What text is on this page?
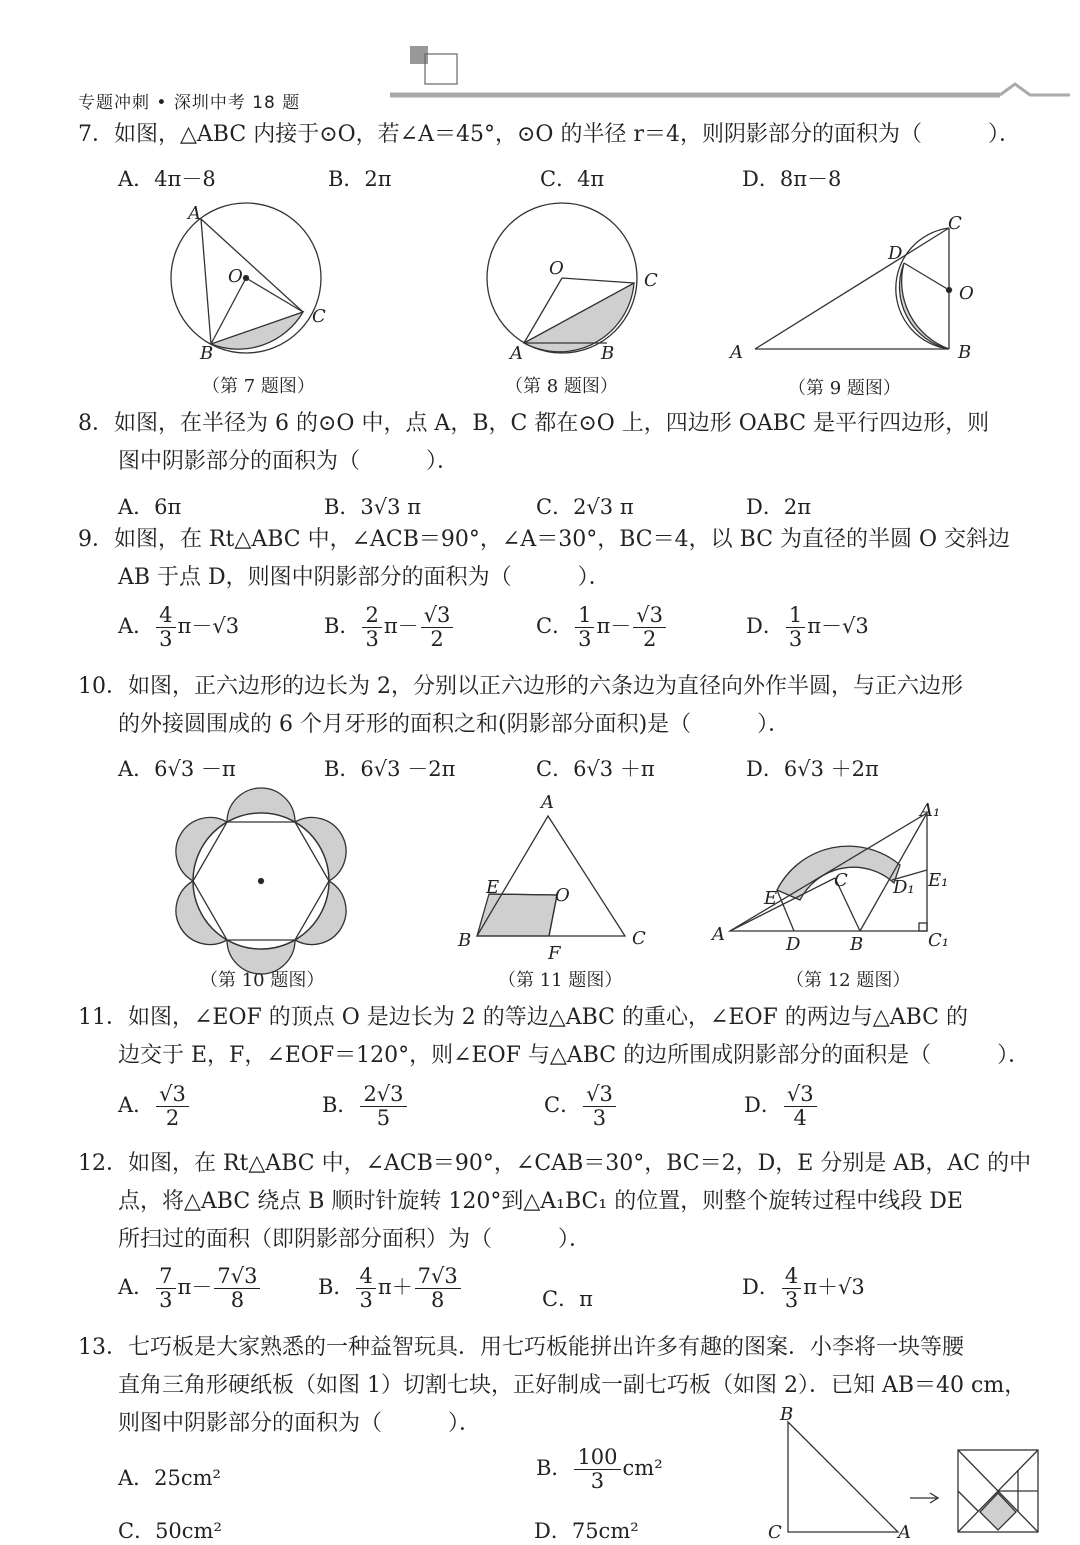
专题冲刺 • 深圳中考 18 题
7．如图，△ABC 内接于⊙O，若∠A＝45°，⊙O 的半径 r＝4，则阴影部分的面积为（　　　）．
A．4π－8	B．2π	C．4π	D．8π－8
A
O
C
B
（第 7 题图）
O
C
A	B
（第 8 题图）
C
D
O
A	B
（第 9 题图）
8．如图，在半径为 6 的⊙O 中，点 A，B，C 都在⊙O 上，四边形 OABC 是平行四边形，则
图中阴影部分的面积为（　　　）．
A．6π	B．3√3 π	C．2√3 π	D．2π
9．如图，在 Rt△ABC 中，∠ACB＝90°，∠A＝30°，BC＝4，以 BC 为直径的半圆 O 交斜边
AB 于点 D，则图中阴影部分的面积为（　　　）．
A． $\frac{4}{3} \pi-√3$	B． $\frac{2}{3} \pi- \frac{√3}{2}$	C． $\frac{1}{3} \pi- \frac{√3}{2}$	D． $\frac{1}{3} \pi-√3$
10．如图，正六边形的边长为 2，分别以正六边形的六条边为直径向外作半圆，与正六边形
的外接圆围成的 6 个月牙形的面积之和(阴影部分面积)是（　　　）．
A．6√3 －π	B．6√3 －2π	C．6√3 ＋π	D．6√3 ＋2π
（第 10 题图）
A
E	O
B	C
F
（第 11 题图）
A₁
E₁
D₁
C
E
A	D	B	C₁
（第 12 题图）
11．如图，∠EOF 的顶点 O 是边长为 2 的等边△ABC 的重心，∠EOF 的两边与△ABC 的
边交于 E，F，∠EOF＝120°，则∠EOF 与△ABC 的边所围成阴影部分的面积是（　　　）．
A． $\frac{√3}{2}$	B． $\frac{2√3}{5}$	C． $\frac{√3}{3}$	D． $\frac{√3}{4}$
12．如图，在 Rt△ABC 中，∠ACB＝90°，∠CAB＝30°，BC＝2，D，E 分别是 AB，AC 的中
点，将△ABC 绕点 B 顺时针旋转 120°到△A₁BC₁ 的位置，则整个旋转过程中线段 DE
所扫过的面积（即阴影部分面积）为（　　　）．
A． $\frac{7}{3} \pi- \frac{7√3}{8}$	B． $\frac{4}{3} \pi+ \frac{7√3}{8}$	C．π	D． $\frac{4}{3} \pi+√3$
13．七巧板是大家熟悉的一种益智玩具．用七巧板能拼出许多有趣的图案．小李将一块等腰
直角三角形硬纸板（如图 1）切割七块，正好制成一副七巧板（如图 2）．已知 AB＝40 cm，
则图中阴影部分的面积为（　　　）．
A．25cm²	B． $\frac{100}{3} cm^2$
C．50cm²	D．75cm²
B
C	A
